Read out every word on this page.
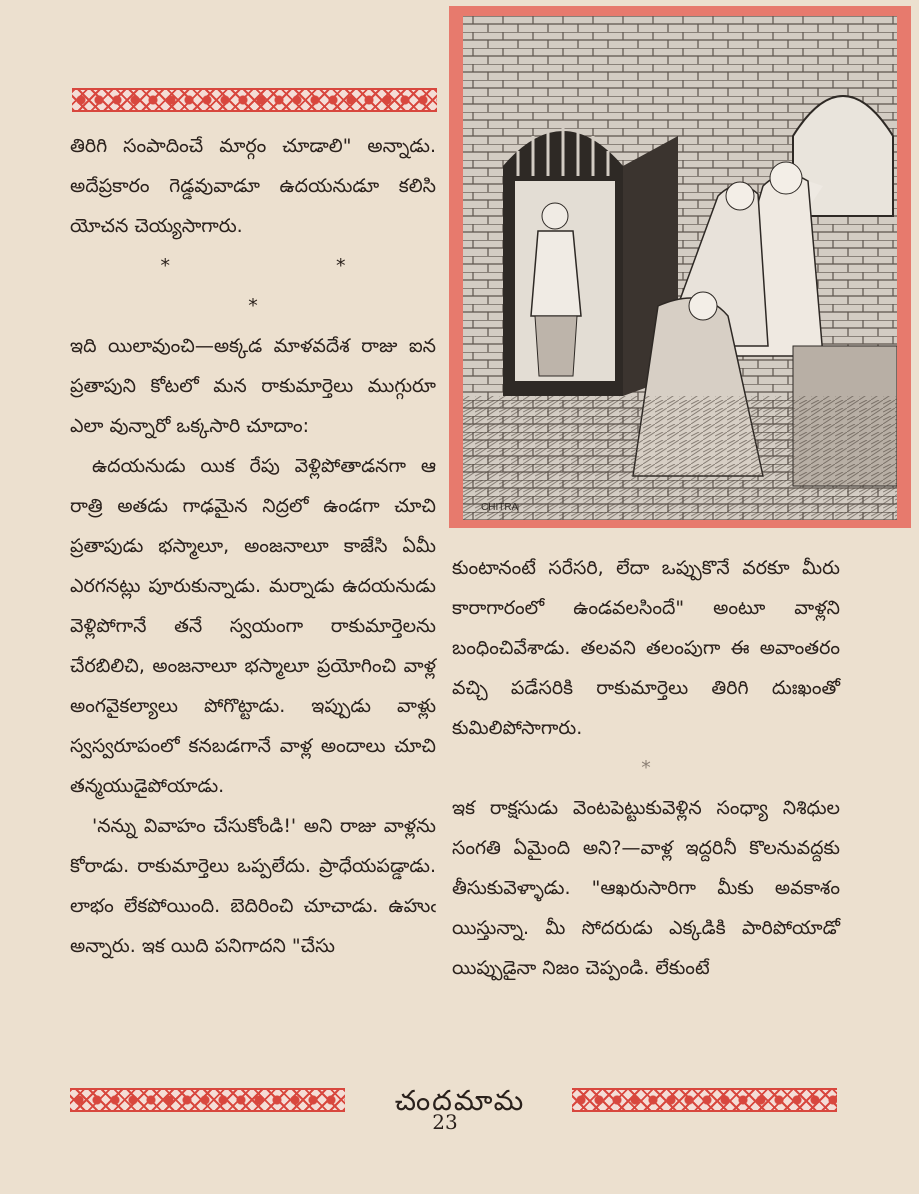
తిరిగి సంపాదించే మార్గం చూడాలి" అన్నాడు. అదేప్రకారం గెడ్డవువాడూ ఉదయనుడూ కలిసి యోచన చెయ్యసాగారు.

* * *

ఇది యిలావుంచి—అక్కడ మాళవదేశ రాజు ఐన ప్రతాపుని కోటలో మన రాకుమార్తెలు ముగ్గురూ ఎలా వున్నారో ఒక్కసారి చూదాం:

ఉదయనుడు యిక రేపు వెళ్లిపోతాడనగా ఆ రాత్రి అతడు గాఢమైన నిద్రలో ఉండగా చూచి ప్రతాపుడు భస్మాలూ, అంజనాలూ కాజేసి ఏమీ ఎరగనట్లు పూరుకున్నాడు. మర్నాడు ఉదయనుడు వెళ్లిపోగానే తనే స్వయంగా రాకుమార్తెలను చేరబిలిచి, అంజనాలూ భస్మాలూ ప్రయోగించి వాళ్ల అంగవైకల్యాలు పోగొట్టాడు. ఇప్పుడు వాళ్లు స్వస్వరూపంలో కనబడగానే వాళ్ల అందాలు చూచి తన్మయుడైపోయాడు.

'నన్ను వివాహం చేసుకోండి!' అని రాజు వాళ్లను కోరాడు. రాకుమార్తెలు ఒప్పలేదు. ప్రాధేయపడ్డాడు. లాభం లేకపోయింది. బెదిరించి చూచాడు. ఉహుఁ అన్నారు. ఇక యిది పనిగాదని "చేసు

CHITRA

కుంటానంటే సరేసరి, లేదా ఒప్పుకొనే వరకూ మీరు కారాగారంలో ఉండవలసిందే" అంటూ వాళ్లని బంధించివేశాడు. తలవని తలంపుగా ఈ అవాంతరం వచ్చి పడేసరికి రాకుమార్తెలు తిరిగి దుఃఖంతో కుమిలిపోసాగారు.

*

ఇక రాక్షసుడు వెంటపెట్టుకువెళ్లిన సంధ్యా నిశిధుల సంగతి ఏమైంది అని?—వాళ్ల ఇద్దరినీ కొలనువద్దకు తీసుకువెళ్ళాడు. "ఆఖరుసారిగా మీకు అవకాశం యిస్తున్నా. మీ సోదరుడు ఎక్కడికి పారిపోయాడో యిప్పుడైనా నిజం చెప్పండి. లేకుంటే

చందమామ
23
